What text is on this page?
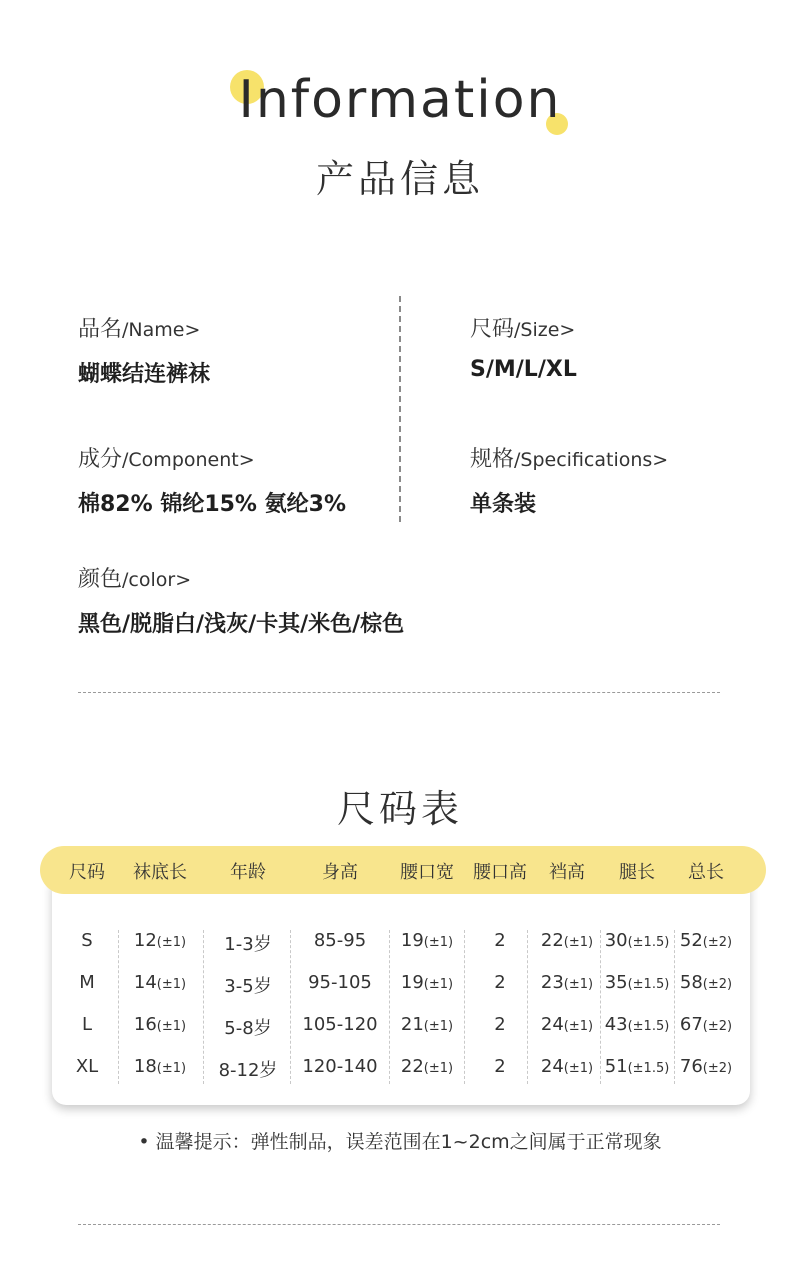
Information
产品信息
品名/Name>
蝴蝶结连裤袜
尺码/Size>
S/M/L/XL
成分/Component>
棉82% 锦纶15% 氨纶3%
规格/Specifications>
单条装
颜色/color>
黑色/脱脂白/浅灰/卡其/米色/棕色
尺码表
尺码	袜底长	年龄	身高	腰口宽	腰口高	裆高	腿长	总长
S	12(±1)	1-3岁	85-95	19(±1)	2	22(±1) 30(±1.5) 52(±2)
M	14(±1)	3-5岁	95-105	19(±1)	2	23(±1) 35(±1.5) 58(±2)
L	16(±1)	5-8岁	105-120	21(±1)	2	24(±1) 43(±1.5) 67(±2)
XL	18(±1)	8-12岁	120-140	22(±1)	2	24(±1) 51(±1.5) 76(±2)
• 温馨提示：弹性制品，误差范围在1~2cm之间属于正常现象
